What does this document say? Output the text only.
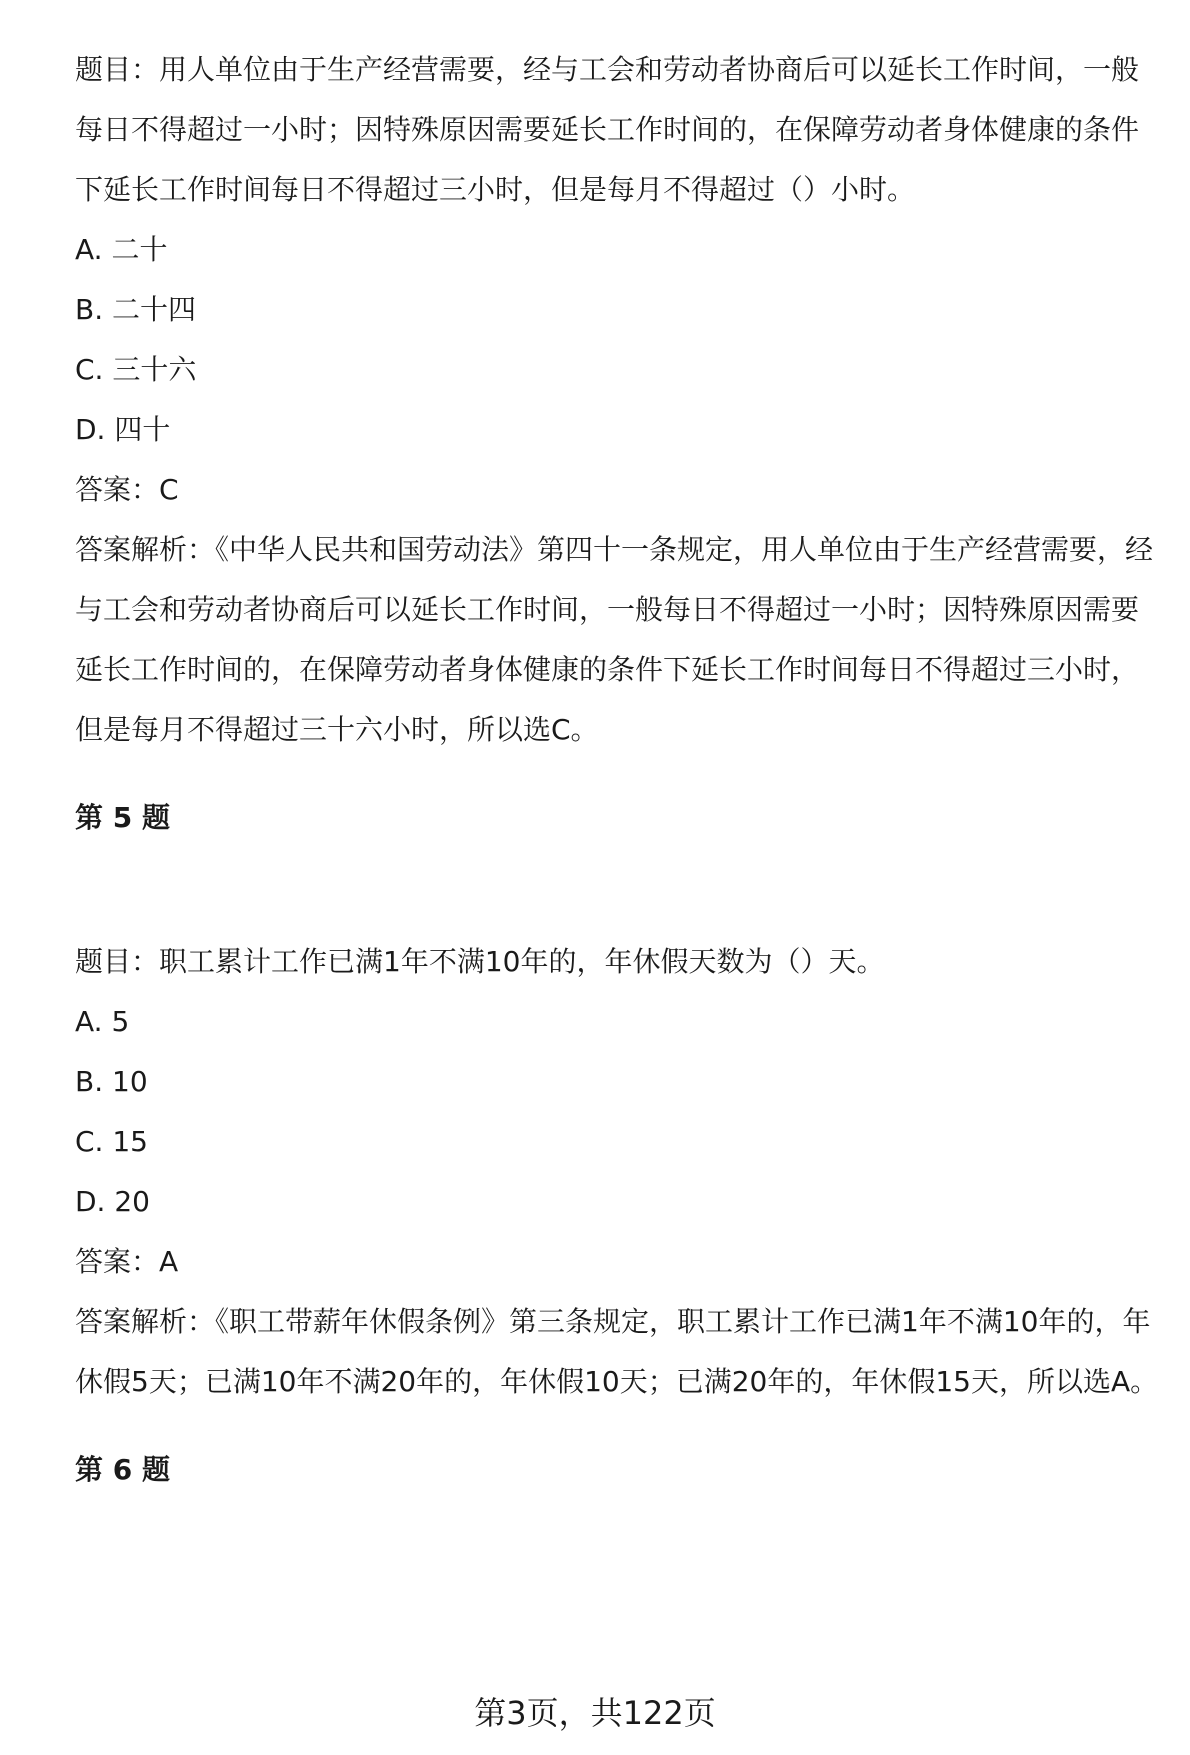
题目：用人单位由于生产经营需要，经与工会和劳动者协商后可以延长工作时间，一般每日不得超过一小时；因特殊原因需要延长工作时间的，在保障劳动者身体健康的条件下延长工作时间每日不得超过三小时，但是每月不得超过（）小时。

A. 二十

B. 二十四

C. 三十六

D. 四十

答案：C

答案解析：《中华人民共和国劳动法》第四十一条规定，用人单位由于生产经营需要，经与工会和劳动者协商后可以延长工作时间，一般每日不得超过一小时；因特殊原因需要延长工作时间的，在保障劳动者身体健康的条件下延长工作时间每日不得超过三小时，但是每月不得超过三十六小时，所以选C。

第 5 题

题目：职工累计工作已满1年不满10年的，年休假天数为（）天。

A. 5

B. 10

C. 15

D. 20

答案：A

答案解析：《职工带薪年休假条例》第三条规定，职工累计工作已满1年不满10年的，年休假5天；已满10年不满20年的，年休假10天；已满20年的，年休假15天，所以选A。

第 6 题

第3页，共122页
